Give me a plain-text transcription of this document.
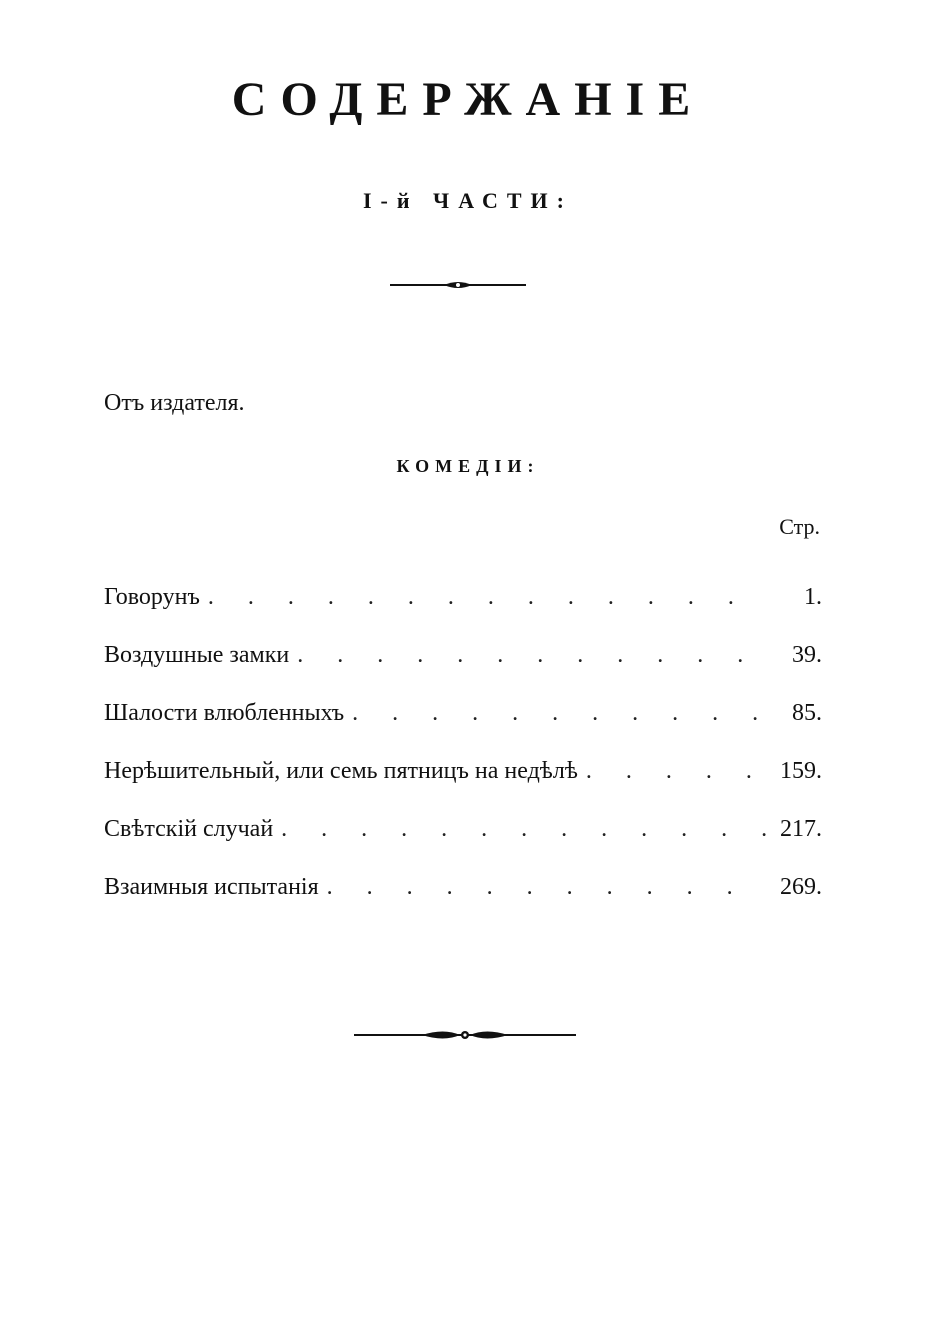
СОДЕРЖАНІЕ
І-й ЧАСТИ:
Отъ издателя.
КОМЕДІИ:
Стр.
Говорунъ . . .	1.
Воздушные замки . . .	39.
Шалости влюбленныхъ . . .	85.
Нерѣшительный, или семь пятницъ на недѣлѣ . . .	159.
Свѣтскій случай . . .	217.
Взаимныя испытанія . . .	269.
